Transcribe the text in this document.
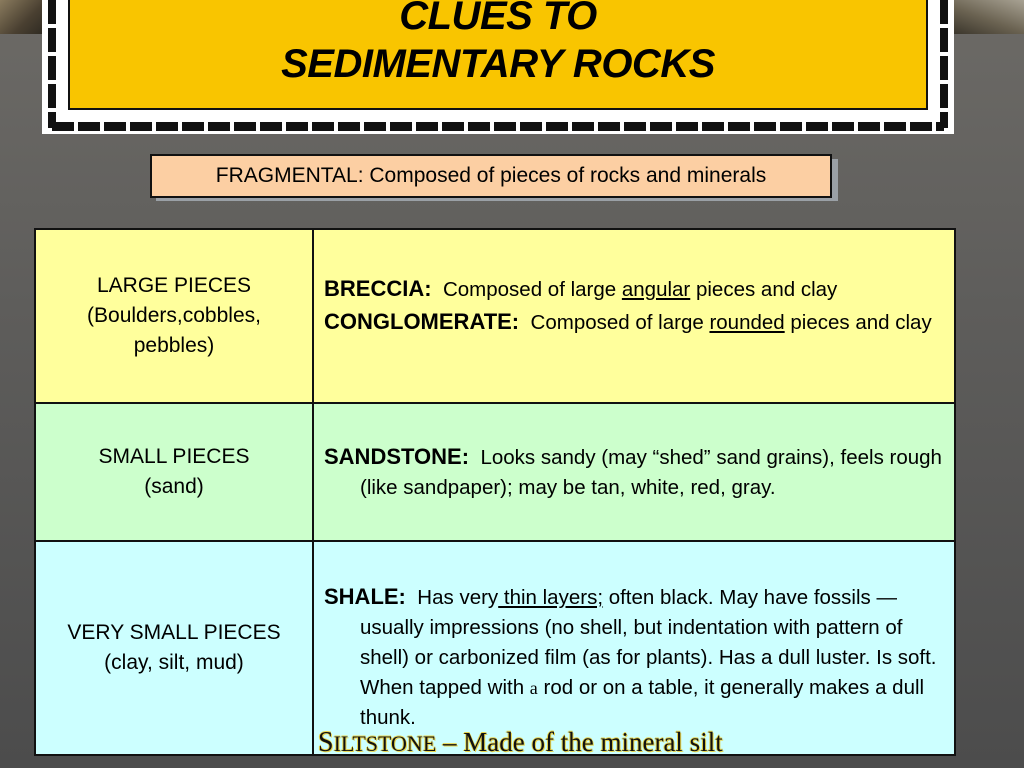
CLUES TO
SEDIMENTARY ROCKS
FRAGMENTAL: Composed of pieces of rocks and minerals
LARGE PIECES
(Boulders,cobbles,
pebbles)
BRECCIA: Composed of large angular pieces and clay
CONGLOMERATE: Composed of large rounded pieces and clay
SMALL PIECES
(sand)
SANDSTONE: Looks sandy (may “shed” sand grains), feels rough (like sandpaper); may be tan, white, red, gray.
VERY SMALL PIECES
(clay, silt, mud)
SHALE: Has very thin layers; often black. May have fossils — usually impressions (no shell, but indentation with pattern of shell) or carbonized film (as for plants). Has a dull luster. Is soft. When tapped with a rod or on a table, it generally makes a dull thunk.
SILTSTONE – Made of the mineral silt
